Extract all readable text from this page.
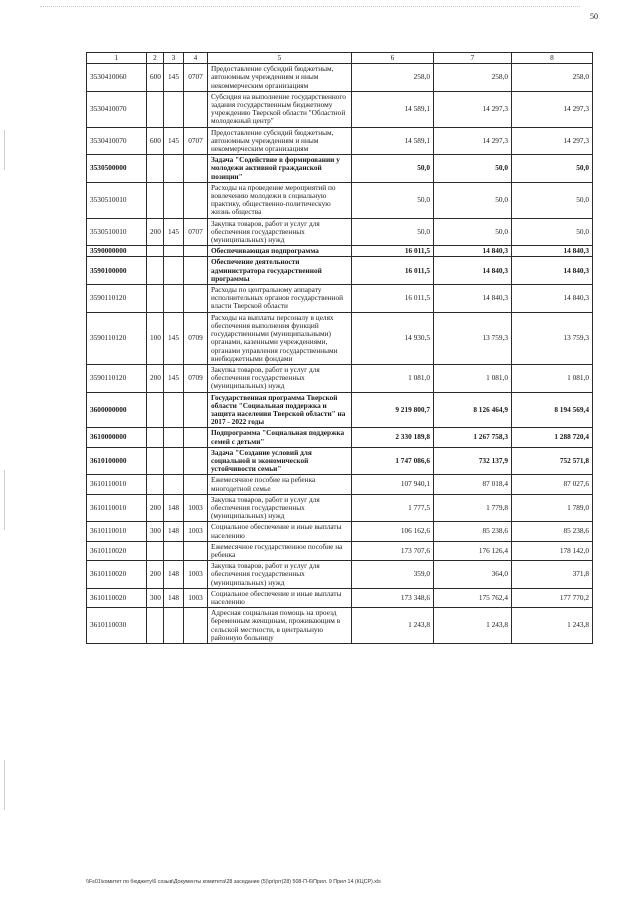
50
1	2	3	4	5	6	7	8
3530410060	600	145	0707	Предоставление субсидий бюджетным, автономным учреждениям и иным некоммерческим организациям	258,0	258,0	258,0
3530410070				Субсидия на выполнение государственного задания государственным бюджетному учреждению Тверской области "Областной молодежный центр"	14 589,1	14 297,3	14 297,3
3530410070	600	145	0707	Предоставление субсидий бюджетным, автономным учреждениям и иным некоммерческим организациям	14 589,1	14 297,3	14 297,3
3530500000				Задача "Содействие в формировании у молодежи активной гражданской позиции"	50,0	50,0	50,0
3530510010				Расходы на проведение мероприятий по вовлечению молодежи в социальную практику, общественно-политическую жизнь общества	50,0	50,0	50,0
3530510010	200	145	0707	Закупка товаров, работ и услуг для обеспечения государственных (муниципальных) нужд	50,0	50,0	50,0
3590000000				Обеспечивающая подпрограмма	16 011,5	14 840,3	14 840,3
3590100000				Обеспечение деятельности администратора государственной программы	16 011,5	14 840,3	14 840,3
3590110120				Расходы по центральному аппарату исполнительных органов государственной власти Тверской области	16 011,5	14 840,3	14 840,3
3590110120	100	145	0709	Расходы на выплаты персоналу в целях обеспечения выполнения функций государственными (муниципальными) органами, казенными учреждениями, органами управления государственными внебюджетными фондами	14 930,5	13 759,3	13 759,3
3590110120	200	145	0709	Закупка товаров, работ и услуг для обеспечения государственных (муниципальных) нужд	1 081,0	1 081,0	1 081,0
3600000000				Государственная программа Тверской области "Социальная поддержка и защита населения Тверской области" на 2017 - 2022 годы	9 219 800,7	8 126 464,9	8 194 569,4
3610000000				Подпрограмма "Социальная поддержка семей с детьми"	2 330 189,8	1 267 758,3	1 288 720,4
3610100000				Задача "Создание условий для социальной и экономической устойчивости семьи"	1 747 086,6	732 137,9	752 571,8
3610110010				Ежемесячное пособие на ребенка многодетной семье	107 940,1	87 018,4	87 027,6
3610110010	200	148	1003	Закупка товаров, работ и услуг для обеспечения государственных (муниципальных) нужд	1 777,5	1 779,8	1 789,0
3610110010	300	148	1003	Социальное обеспечение и иные выплаты населению	106 162,6	85 238,6	85 238,6
3610110020				Ежемесячное государственное пособие на ребенка	173 707,6	176 126,4	178 142,0
3610110020	200	148	1003	Закупка товаров, работ и услуг для обеспечения государственных (муниципальных) нужд	359,0	364,0	371,8
3610110020	300	148	1003	Социальное обеспечение и иные выплаты населению	173 348,6	175 762,4	177 770,2
3610110030				Адресная социальная помощь на проезд беременным женщинам, проживающим в сельской местности, в центральную районную больницу	1 243,8	1 243,8	1 243,8
\\Fs01\комитет по бюджету\6 созыв\Документы комитета\28 заседание (5)\pr\prr(28) 508-П-6\Прил. 9 Прил 14 (КЦСР).xls
